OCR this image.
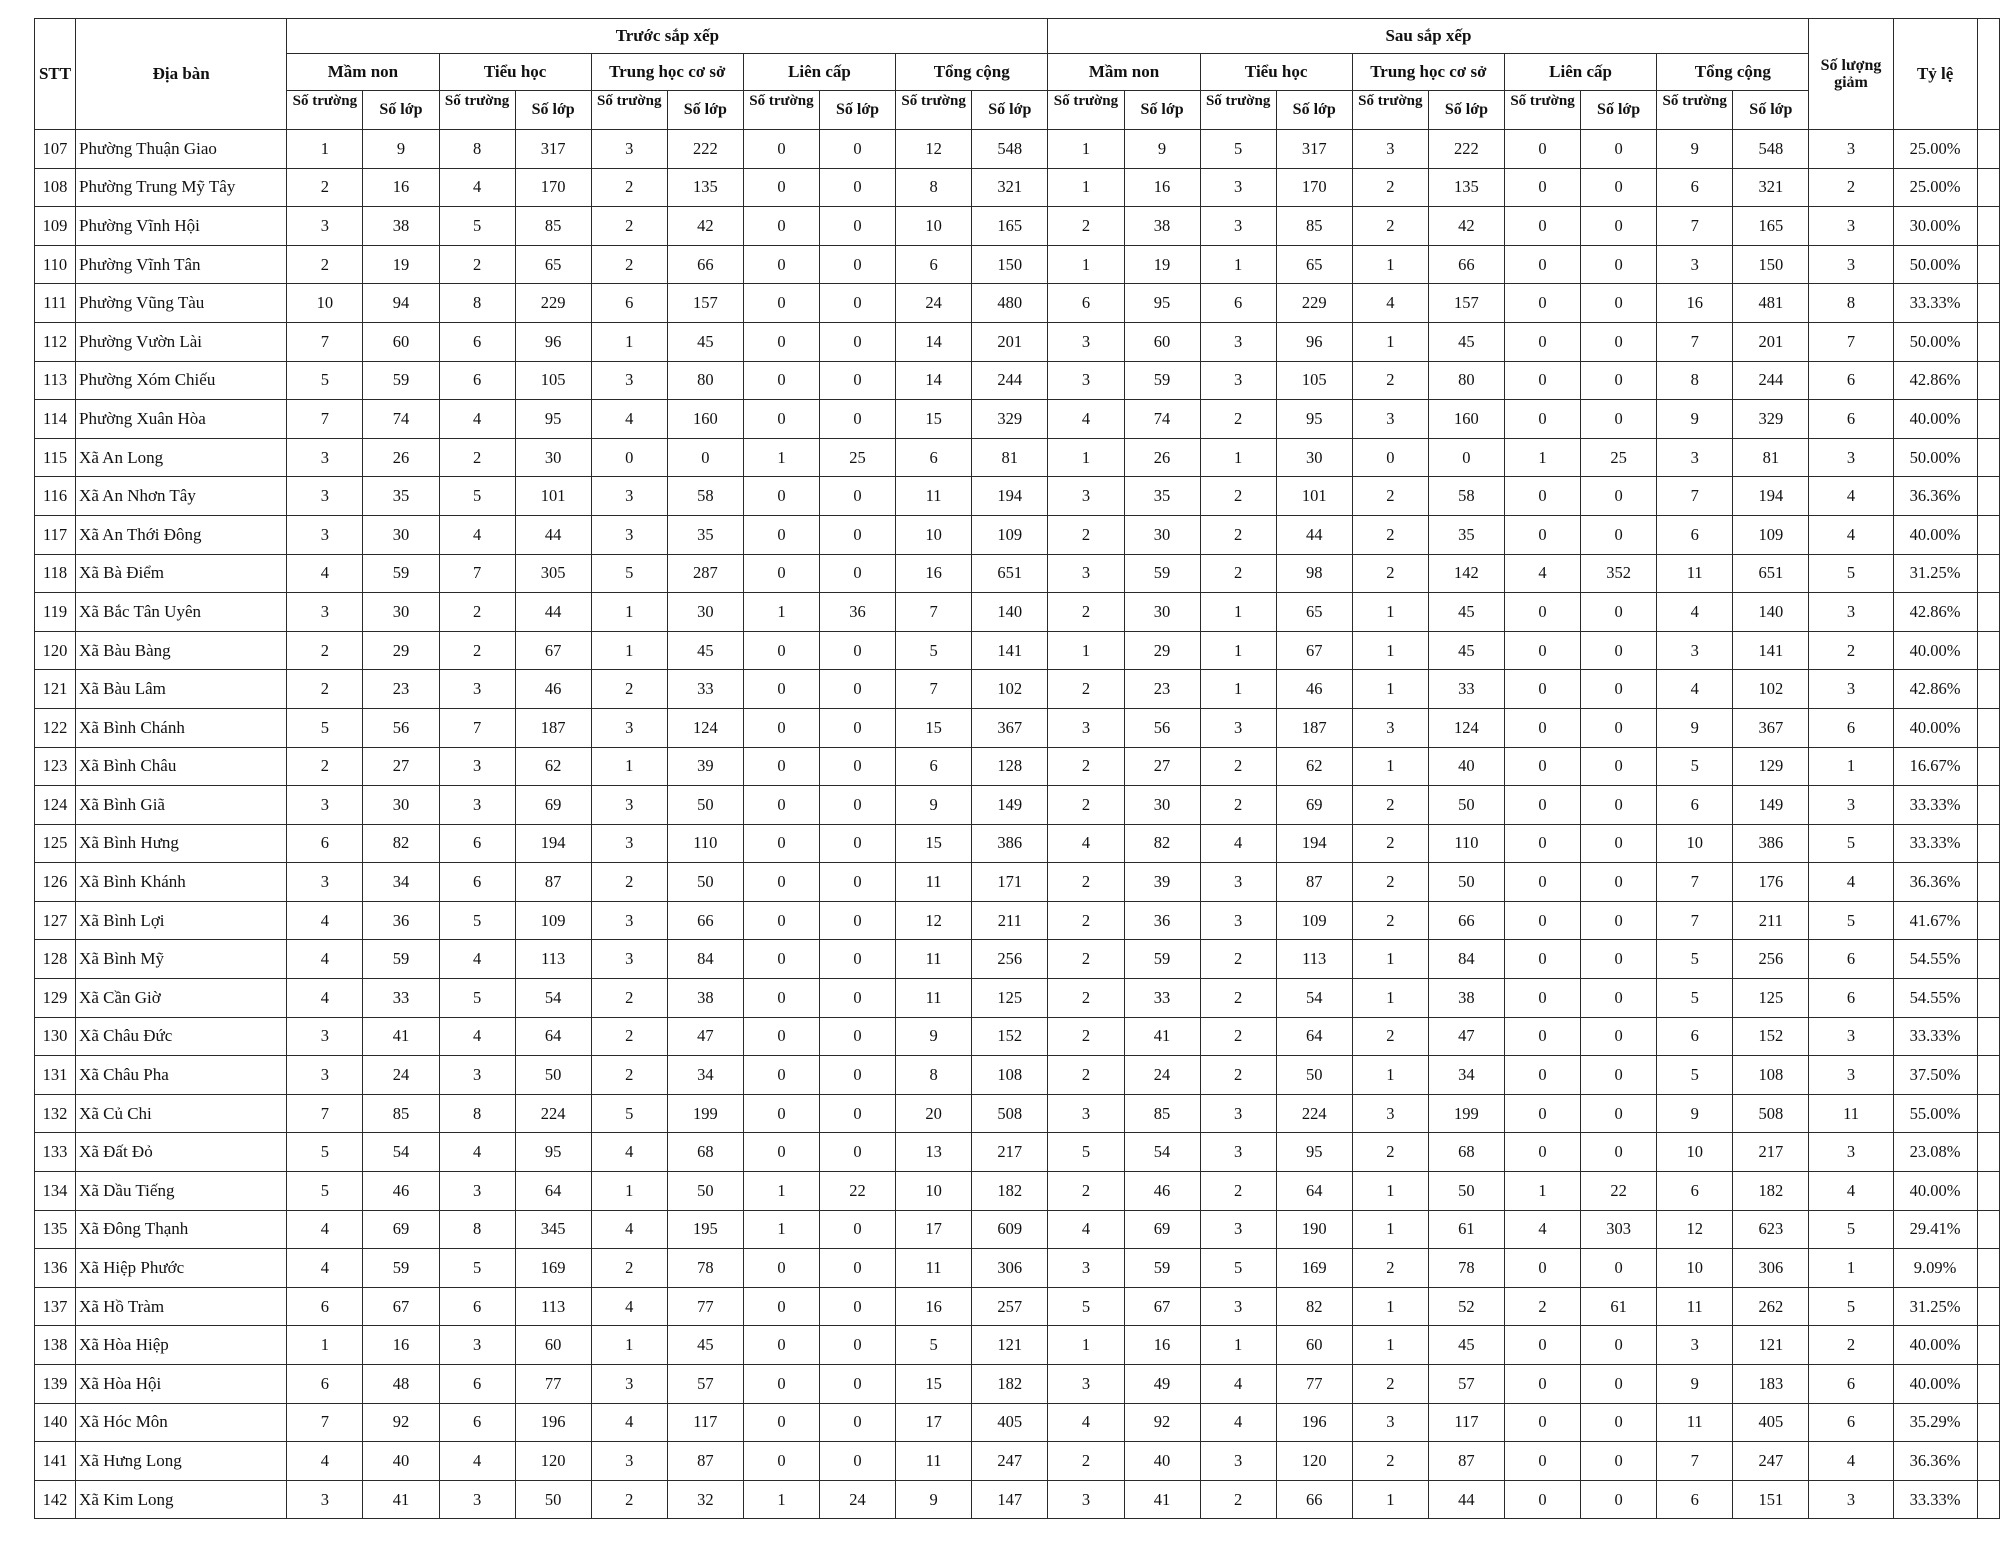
STT	Địa bàn	Trước sắp xếp										Sau sắp xếp										Số lượng giảm	Tỷ lệ	
		Mầm non		Tiểu học		Trung học cơ sở		Liên cấp		Tổng cộng		Mầm non		Tiểu học		Trung học cơ sở		Liên cấp		Tổng cộng				
		Số trường	Số lớp	Số trường	Số lớp	Số trường	Số lớp	Số trường	Số lớp	Số trường	Số lớp	Số trường	Số lớp	Số trường	Số lớp	Số trường	Số lớp	Số trường	Số lớp	Số trường	Số lớp			
107	Phường Thuận Giao	1	9	8	317	3	222	0	0	12	548	1	9	5	317	3	222	0	0	9	548	3	25.00%	
108	Phường Trung Mỹ Tây	2	16	4	170	2	135	0	0	8	321	1	16	3	170	2	135	0	0	6	321	2	25.00%	
109	Phường Vĩnh Hội	3	38	5	85	2	42	0	0	10	165	2	38	3	85	2	42	0	0	7	165	3	30.00%	
110	Phường Vĩnh Tân	2	19	2	65	2	66	0	0	6	150	1	19	1	65	1	66	0	0	3	150	3	50.00%	
111	Phường Vũng Tàu	10	94	8	229	6	157	0	0	24	480	6	95	6	229	4	157	0	0	16	481	8	33.33%	
112	Phường Vườn Lài	7	60	6	96	1	45	0	0	14	201	3	60	3	96	1	45	0	0	7	201	7	50.00%	
113	Phường Xóm Chiếu	5	59	6	105	3	80	0	0	14	244	3	59	3	105	2	80	0	0	8	244	6	42.86%	
114	Phường Xuân Hòa	7	74	4	95	4	160	0	0	15	329	4	74	2	95	3	160	0	0	9	329	6	40.00%	
115	Xã An Long	3	26	2	30	0	0	1	25	6	81	1	26	1	30	0	0	1	25	3	81	3	50.00%	
116	Xã An Nhơn Tây	3	35	5	101	3	58	0	0	11	194	3	35	2	101	2	58	0	0	7	194	4	36.36%	
117	Xã An Thới Đông	3	30	4	44	3	35	0	0	10	109	2	30	2	44	2	35	0	0	6	109	4	40.00%	
118	Xã Bà Điểm	4	59	7	305	5	287	0	0	16	651	3	59	2	98	2	142	4	352	11	651	5	31.25%	
119	Xã Bắc Tân Uyên	3	30	2	44	1	30	1	36	7	140	2	30	1	65	1	45	0	0	4	140	3	42.86%	
120	Xã Bàu Bàng	2	29	2	67	1	45	0	0	5	141	1	29	1	67	1	45	0	0	3	141	2	40.00%	
121	Xã Bàu Lâm	2	23	3	46	2	33	0	0	7	102	2	23	1	46	1	33	0	0	4	102	3	42.86%	
122	Xã Bình Chánh	5	56	7	187	3	124	0	0	15	367	3	56	3	187	3	124	0	0	9	367	6	40.00%	
123	Xã Bình Châu	2	27	3	62	1	39	0	0	6	128	2	27	2	62	1	40	0	0	5	129	1	16.67%	
124	Xã Bình Giã	3	30	3	69	3	50	0	0	9	149	2	30	2	69	2	50	0	0	6	149	3	33.33%	
125	Xã Bình Hưng	6	82	6	194	3	110	0	0	15	386	4	82	4	194	2	110	0	0	10	386	5	33.33%	
126	Xã Bình Khánh	3	34	6	87	2	50	0	0	11	171	2	39	3	87	2	50	0	0	7	176	4	36.36%	
127	Xã Bình Lợi	4	36	5	109	3	66	0	0	12	211	2	36	3	109	2	66	0	0	7	211	5	41.67%	
128	Xã Bình Mỹ	4	59	4	113	3	84	0	0	11	256	2	59	2	113	1	84	0	0	5	256	6	54.55%	
129	Xã Cần Giờ	4	33	5	54	2	38	0	0	11	125	2	33	2	54	1	38	0	0	5	125	6	54.55%	
130	Xã Châu Đức	3	41	4	64	2	47	0	0	9	152	2	41	2	64	2	47	0	0	6	152	3	33.33%	
131	Xã Châu Pha	3	24	3	50	2	34	0	0	8	108	2	24	2	50	1	34	0	0	5	108	3	37.50%	
132	Xã Củ Chi	7	85	8	224	5	199	0	0	20	508	3	85	3	224	3	199	0	0	9	508	11	55.00%	
133	Xã Đất Đỏ	5	54	4	95	4	68	0	0	13	217	5	54	3	95	2	68	0	0	10	217	3	23.08%	
134	Xã Dầu Tiếng	5	46	3	64	1	50	1	22	10	182	2	46	2	64	1	50	1	22	6	182	4	40.00%	
135	Xã Đông Thạnh	4	69	8	345	4	195	1	0	17	609	4	69	3	190	1	61	4	303	12	623	5	29.41%	
136	Xã Hiệp Phước	4	59	5	169	2	78	0	0	11	306	3	59	5	169	2	78	0	0	10	306	1	9.09%	
137	Xã Hồ Tràm	6	67	6	113	4	77	0	0	16	257	5	67	3	82	1	52	2	61	11	262	5	31.25%	
138	Xã Hòa Hiệp	1	16	3	60	1	45	0	0	5	121	1	16	1	60	1	45	0	0	3	121	2	40.00%	
139	Xã Hòa Hội	6	48	6	77	3	57	0	0	15	182	3	49	4	77	2	57	0	0	9	183	6	40.00%	
140	Xã Hóc Môn	7	92	6	196	4	117	0	0	17	405	4	92	4	196	3	117	0	0	11	405	6	35.29%	
141	Xã Hưng Long	4	40	4	120	3	87	0	0	11	247	2	40	3	120	2	87	0	0	7	247	4	36.36%	
142	Xã Kim Long	3	41	3	50	2	32	1	24	9	147	3	41	2	66	1	44	0	0	6	151	3	33.33%	
